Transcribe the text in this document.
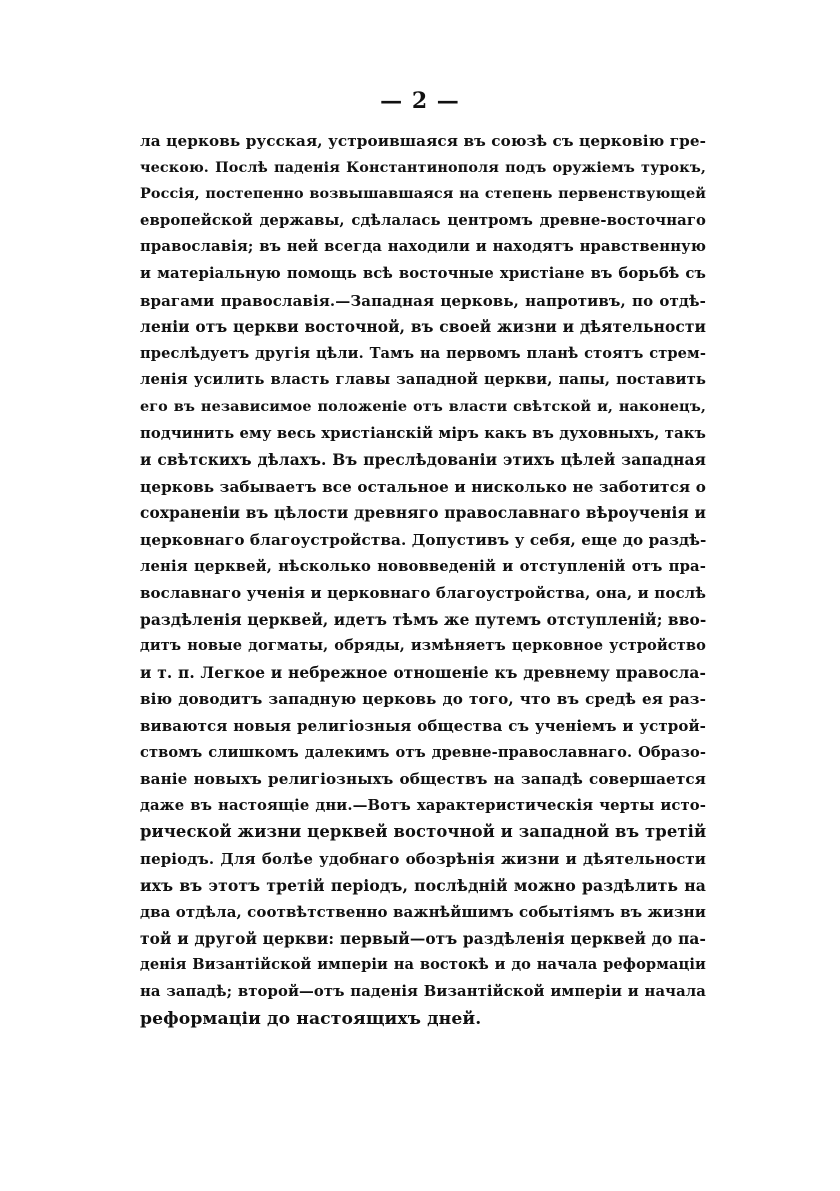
— 2 —
ла церковь русская, устроившаяся въ союзѣ съ церковію гре-
ческою. Послѣ паденія Константинополя подъ оружіемъ турокъ,
Россія, постепенно возвышавшаяся на степень первенствующей
европейской державы, сдѣлалась центромъ древне-восточнаго
православія; въ ней всегда находили и находятъ нравственную
и матеріальную помощь всѣ восточные христіане въ борьбѣ съ
врагами православія.—Западная церковь, напротивъ, по отдѣ-
леніи отъ церкви восточной, въ своей жизни и дѣятельности
преслѣдуетъ другія цѣли. Тамъ на первомъ планѣ стоятъ стрем-
ленія усилить власть главы западной церкви, папы, поставить
его въ независимое положеніе отъ власти свѣтской и, наконецъ,
подчинить ему весь христіанскій міръ какъ въ духовныхъ, такъ
и свѣтскихъ дѣлахъ. Въ преслѣдованіи этихъ цѣлей западная
церковь забываетъ все остальное и нисколько не заботится о
сохраненіи въ цѣлости древняго православнаго вѣроученія и
церковнаго благоустройства. Допустивъ у себя, еще до раздѣ-
ленія церквей, нѣсколько нововведеній и отступленій отъ пра-
вославнаго ученія и церковнаго благоустройства, она, и послѣ
раздѣленія церквей, идетъ тѣмъ же путемъ отступленій; вво-
дитъ новые догматы, обряды, измѣняетъ церковное устройство
и т. п. Легкое и небрежное отношеніе къ древнему правосла-
вію доводитъ западную церковь до того, что въ средѣ ея раз-
виваются новыя религіозныя общества съ ученіемъ и устрой-
ствомъ слишкомъ далекимъ отъ древне-православнаго. Образо-
ваніе новыхъ религіозныхъ обществъ на западѣ совершается
даже въ настоящіе дни.—Вотъ характеристическія черты исто-
рической жизни церквей восточной и западной въ третій
періодъ. Для болѣе удобнаго обозрѣнія жизни и дѣятельности
ихъ въ этотъ третій періодъ, послѣдній можно раздѣлить на
два отдѣла, соотвѣтственно важнѣйшимъ событіямъ въ жизни
той и другой церкви: первый—отъ раздѣленія церквей до па-
денія Византійской имперіи на востокѣ и до начала реформаціи
на западѣ; второй—отъ паденія Византійской имперіи и начала
реформаціи до настоящихъ дней.
